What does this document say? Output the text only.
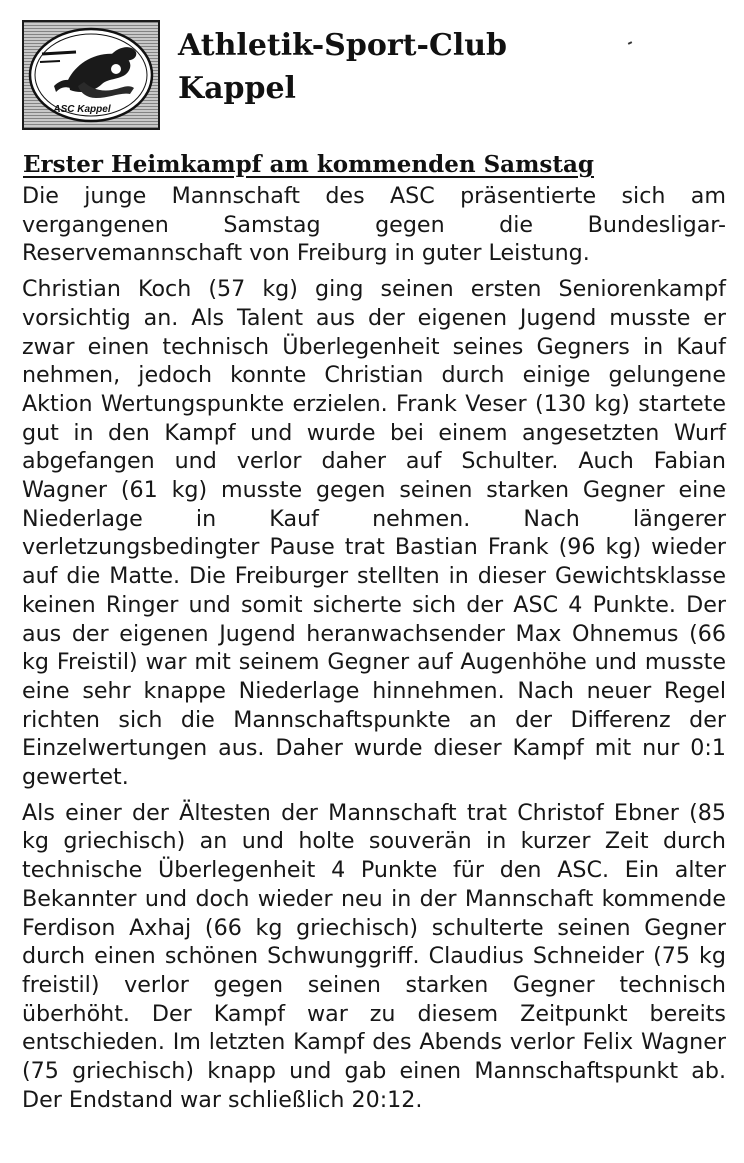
ASC Kappel
Athletik-Sport-Club
Kappel
Erster Heimkampf am kommenden Samstag

Die junge Mannschaft des ASC präsentierte sich am vergangenen Samstag gegen die Bundesligar-Reservemannschaft von Freiburg in guter Leistung.

Christian Koch (57 kg) ging seinen ersten Seniorenkampf vorsichtig an. Als Talent aus der eigenen Jugend musste er zwar einen technisch Überlegenheit seines Gegners in Kauf nehmen, jedoch konnte Christian durch einige gelungene Aktion Wertungspunkte erzielen. Frank Veser (130 kg) startete gut in den Kampf und wurde bei einem angesetzten Wurf abgefangen und verlor daher auf Schulter. Auch Fabian Wagner (61 kg) musste gegen seinen starken Gegner eine Niederlage in Kauf nehmen. Nach längerer verletzungsbedingter Pause trat Bastian Frank (96 kg) wieder auf die Matte. Die Freiburger stellten in dieser Gewichtsklasse keinen Ringer und somit sicherte sich der ASC 4 Punkte. Der aus der eigenen Jugend heranwachsender Max Ohnemus (66 kg Freistil) war mit seinem Gegner auf Augenhöhe und musste eine sehr knappe Niederlage hinnehmen. Nach neuer Regel richten sich die Mannschaftspunkte an der Differenz der Einzelwertungen aus. Daher wurde dieser Kampf mit nur 0:1 gewertet.

Als einer der Ältesten der Mannschaft trat Christof Ebner (85 kg griechisch) an und holte souverän in kurzer Zeit durch technische Überlegenheit 4 Punkte für den ASC. Ein alter Bekannter und doch wieder neu in der Mannschaft kommende Ferdison Axhaj (66 kg griechisch) schulterte seinen Gegner durch einen schönen Schwunggriff. Claudius Schneider (75 kg freistil) verlor gegen seinen starken Gegner technisch überhöht. Der Kampf war zu diesem Zeitpunkt bereits entschieden. Im letzten Kampf des Abends verlor Felix Wagner (75 griechisch) knapp und gab einen Mannschaftspunkt ab. Der Endstand war schließlich 20:12.
